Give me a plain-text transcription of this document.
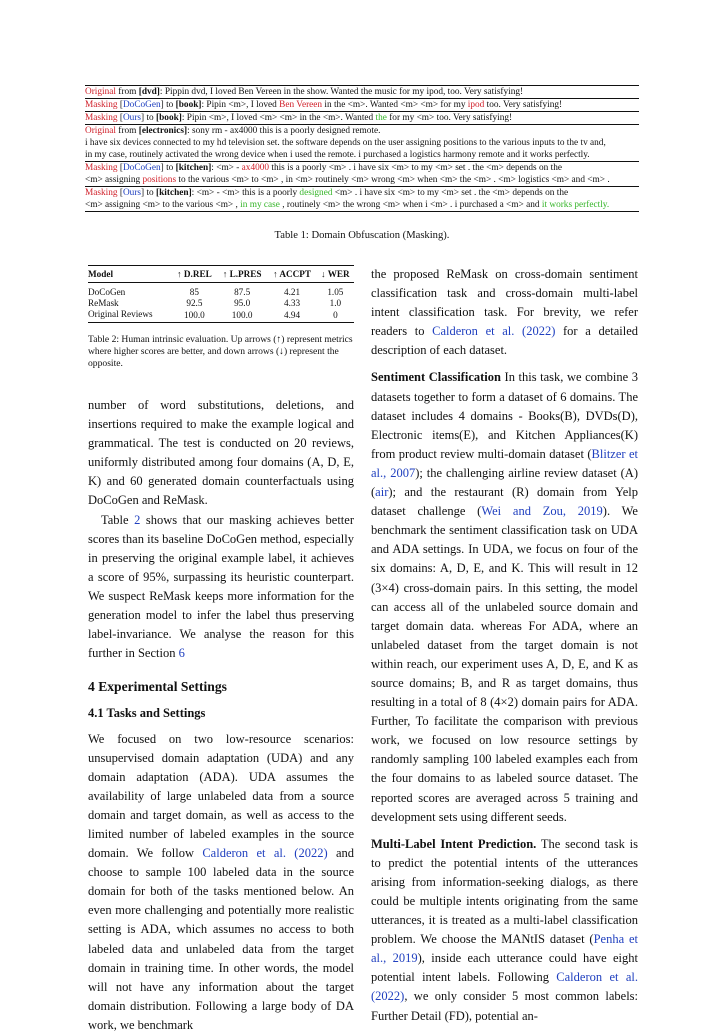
Original from [dvd]: Pippin dvd, I loved Ben Vereen in the show. Wanted the music for my ipod, too. Very satisfying!
Masking [DoCoGen] to [book]: Pipin <m>, I loved Ben Vereen in the <m>. Wanted <m> <m> for my ipod too. Very satisfying!
Masking [Ours] to [book]: Pipin <m>, I loved <m> <m> in the <m>. Wanted the for my <m> too. Very satisfying!
Original from [electronics]: sony rm - ax4000 this is a poorly designed remote.
i have six devices connected to my hd television set. the software depends on the user assigning positions to the various inputs to the tv and,
in my case, routinely activated the wrong device when i used the remote. i purchased a logistics harmony remote and it works perfectly.
Masking [DoCoGen] to [kitchen]: <m> - ax4000 this is a poorly <m> . i have six <m> to my <m> set . the <m> depends on the
<m> assigning positions to the various <m> to <m> , in <m> routinely <m> wrong <m> when <m> the <m> . <m> logistics <m> and <m> .
Masking [Ours] to [kitchen]: <m> - <m> this is a poorly designed <m> . i have six <m> to my <m> set . the <m> depends on the
<m> assigning <m> to the various <m> , in my case , routinely <m> the wrong <m> when i <m> . i purchased a <m> and it works perfectly.
Table 1: Domain Obfuscation (Masking).
Model	↑ D.REL	↑ L.PRES	↑ ACCPT	↓ WER
DoCoGen	85	87.5	4.21	1.05
ReMask	92.5	95.0	4.33	1.0
Original Reviews	100.0	100.0	4.94	0
Table 2: Human intrinsic evaluation. Up arrows (↑) represent metrics where higher scores are better, and down arrows (↓) represent the opposite.

number of word substitutions, deletions, and insertions required to make the example logical and grammatical. The test is conducted on 20 reviews, uniformly distributed among four domains (A, D, E, K) and 60 generated domain counterfactuals using DoCoGen and ReMask.

Table 2 shows that our masking achieves better scores than its baseline DoCoGen method, especially in preserving the original example label, it achieves a score of 95%, surpassing its heuristic counterpart. We suspect ReMask keeps more information for the generation model to infer the label thus preserving label-invariance. We analyse the reason for this further in Section 6

4 Experimental Settings
4.1 Tasks and Settings

We focused on two low-resource scenarios: unsupervised domain adaptation (UDA) and any domain adaptation (ADA). UDA assumes the availability of large unlabeled data from a source domain and target domain, as well as access to the limited number of labeled examples in the source domain. We follow Calderon et al. (2022) and choose to sample 100 labeled data in the source domain for both of the tasks mentioned below. An even more challenging and potentially more realistic setting is ADA, which assumes no access to both labeled data and unlabeled data from the target domain in training time. In other words, the model will not have any information about the target domain distribution. Following a large body of DA work, we benchmark

the proposed ReMask on cross-domain sentiment classification task and cross-domain multi-label intent classification task. For brevity, we refer readers to Calderon et al. (2022) for a detailed description of each dataset.

Sentiment Classification In this task, we combine 3 datasets together to form a dataset of 6 domains. The dataset includes 4 domains - Books(B), DVDs(D), Electronic items(E), and Kitchen Appliances(K) from product review multi-domain dataset (Blitzer et al., 2007); the challenging airline review dataset (A) (air); and the restaurant (R) domain from Yelp dataset challenge (Wei and Zou, 2019). We benchmark the sentiment classification task on UDA and ADA settings. In UDA, we focus on four of the six domains: A, D, E, and K. This will result in 12 (3×4) cross-domain pairs. In this setting, the model can access all of the unlabeled source domain and target domain data. whereas For ADA, where an unlabeled dataset from the target domain is not within reach, our experiment uses A, D, E, and K as source domains; B, and R as target domains, thus resulting in a total of 8 (4×2) domain pairs for ADA. Further, To facilitate the comparison with previous work, we focused on low resource settings by randomly sampling 100 labeled examples each from the four domains to as labeled source dataset. The reported scores are averaged across 5 training and development sets using different seeds.

Multi-Label Intent Prediction. The second task is to predict the potential intents of the utterances arising from information-seeking dialogs, as there could be multiple intents originating from the same utterances, it is treated as a multi-label classification problem. We choose the MANtIS dataset (Penha et al., 2019), inside each utterance could have eight potential intent labels. Following Calderon et al. (2022), we only consider 5 most common labels: Further Detail (FD), potential an-
